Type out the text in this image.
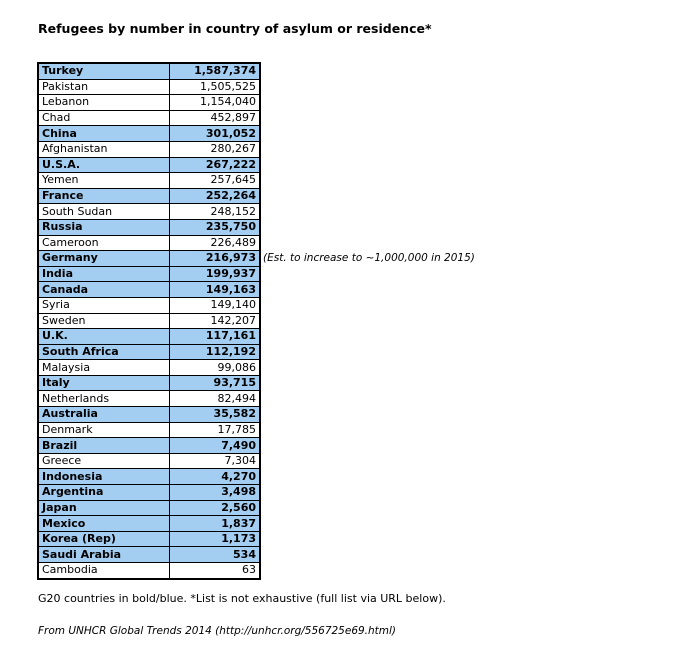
Refugees by number in country of asylum or residence*
Turkey	1,587,374
Pakistan	1,505,525
Lebanon	1,154,040
Chad	452,897
China	301,052
Afghanistan	280,267
U.S.A.	267,222
Yemen	257,645
France	252,264
South Sudan	248,152
Russia	235,750
Cameroon	226,489
Germany	216,973
India	199,937
Canada	149,163
Syria	149,140
Sweden	142,207
U.K.	117,161
South Africa	112,192
Malaysia	99,086
Italy	93,715
Netherlands	82,494
Australia	35,582
Denmark	17,785
Brazil	7,490
Greece	7,304
Indonesia	4,270
Argentina	3,498
Japan	2,560
Mexico	1,837
Korea (Rep)	1,173
Saudi Arabia	534
Cambodia	63
(Est. to increase to ~1,000,000 in 2015)
G20 countries in bold/blue. *List is not exhaustive (full list via URL below).
From UNHCR Global Trends 2014 (http://unhcr.org/556725e69.html)
